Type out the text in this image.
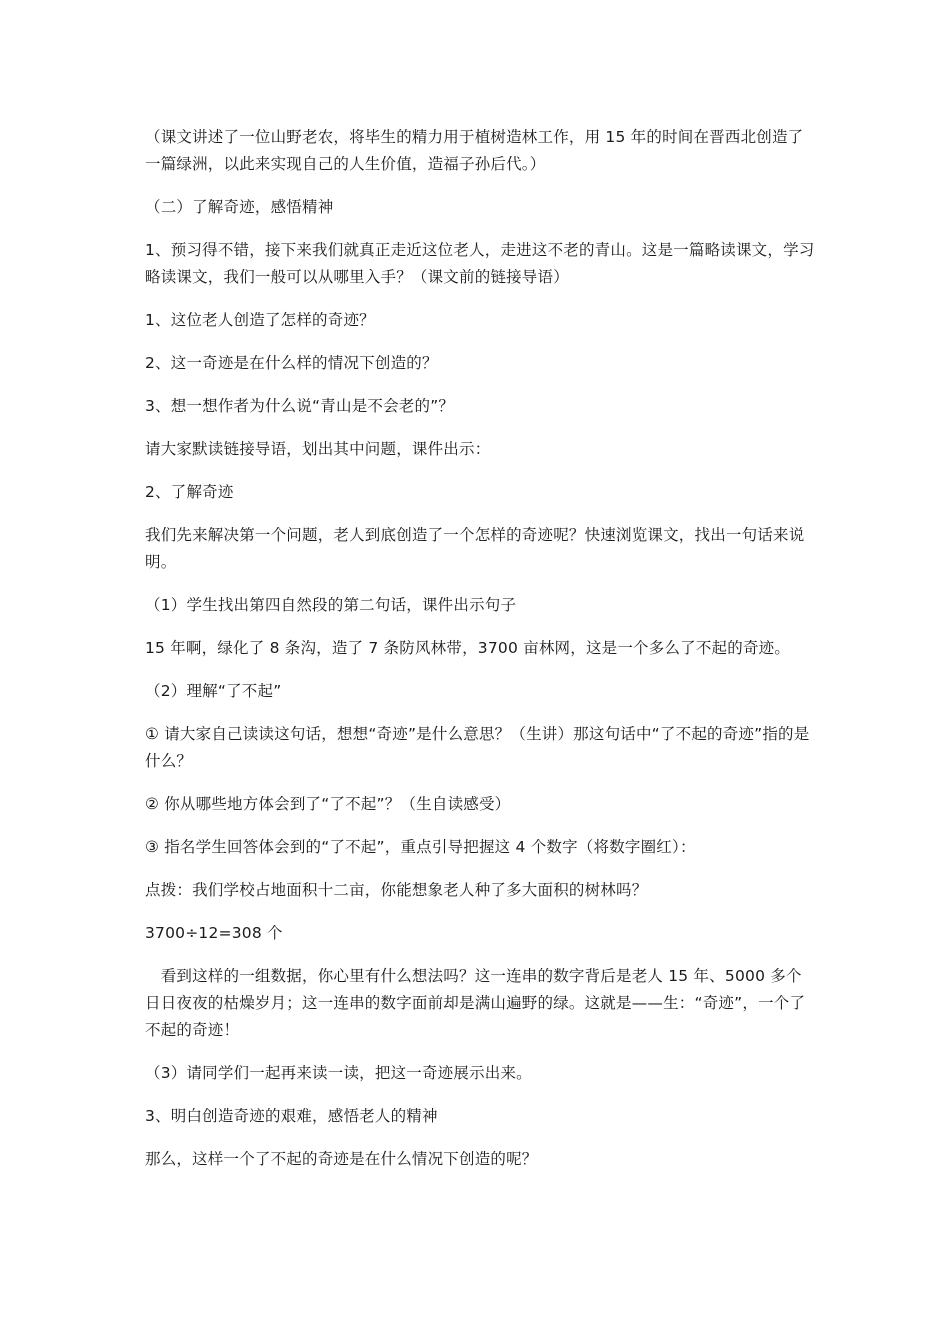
（课文讲述了一位山野老农，将毕生的精力用于植树造林工作，用 15 年的时间在晋西北创造了一篇绿洲，以此来实现自己的人生价值，造福子孙后代。）

（二）了解奇迹，感悟精神

1、预习得不错，接下来我们就真正走近这位老人，走进这不老的青山。这是一篇略读课文，学习略读课文，我们一般可以从哪里入手？（课文前的链接导语）

1、这位老人创造了怎样的奇迹？

2、这一奇迹是在什么样的情况下创造的？

3、想一想作者为什么说“青山是不会老的”？

请大家默读链接导语，划出其中问题，课件出示：

2、了解奇迹

我们先来解决第一个问题，老人到底创造了一个怎样的奇迹呢？快速浏览课文，找出一句话来说明。

（1）学生找出第四自然段的第二句话，课件出示句子

15 年啊，绿化了 8 条沟，造了 7 条防风林带，3700 亩林网，这是一个多么了不起的奇迹。

（2）理解“了不起”

① 请大家自己读读这句话，想想“奇迹”是什么意思？（生讲）那这句话中“了不起的奇迹”指的是什么？

② 你从哪些地方体会到了“了不起”？（生自读感受）

③ 指名学生回答体会到的“了不起”，重点引导把握这 4 个数字（将数字圈红）：

点拨：我们学校占地面积十二亩，你能想象老人种了多大面积的树林吗？

3700÷12=308 个

　看到这样的一组数据，你心里有什么想法吗？这一连串的数字背后是老人 15 年、5000 多个日日夜夜的枯燥岁月；这一连串的数字面前却是满山遍野的绿。这就是——生：“奇迹”，一个了不起的奇迹！

（3）请同学们一起再来读一读，把这一奇迹展示出来。

3、明白创造奇迹的艰难，感悟老人的精神

那么，这样一个了不起的奇迹是在什么情况下创造的呢？
